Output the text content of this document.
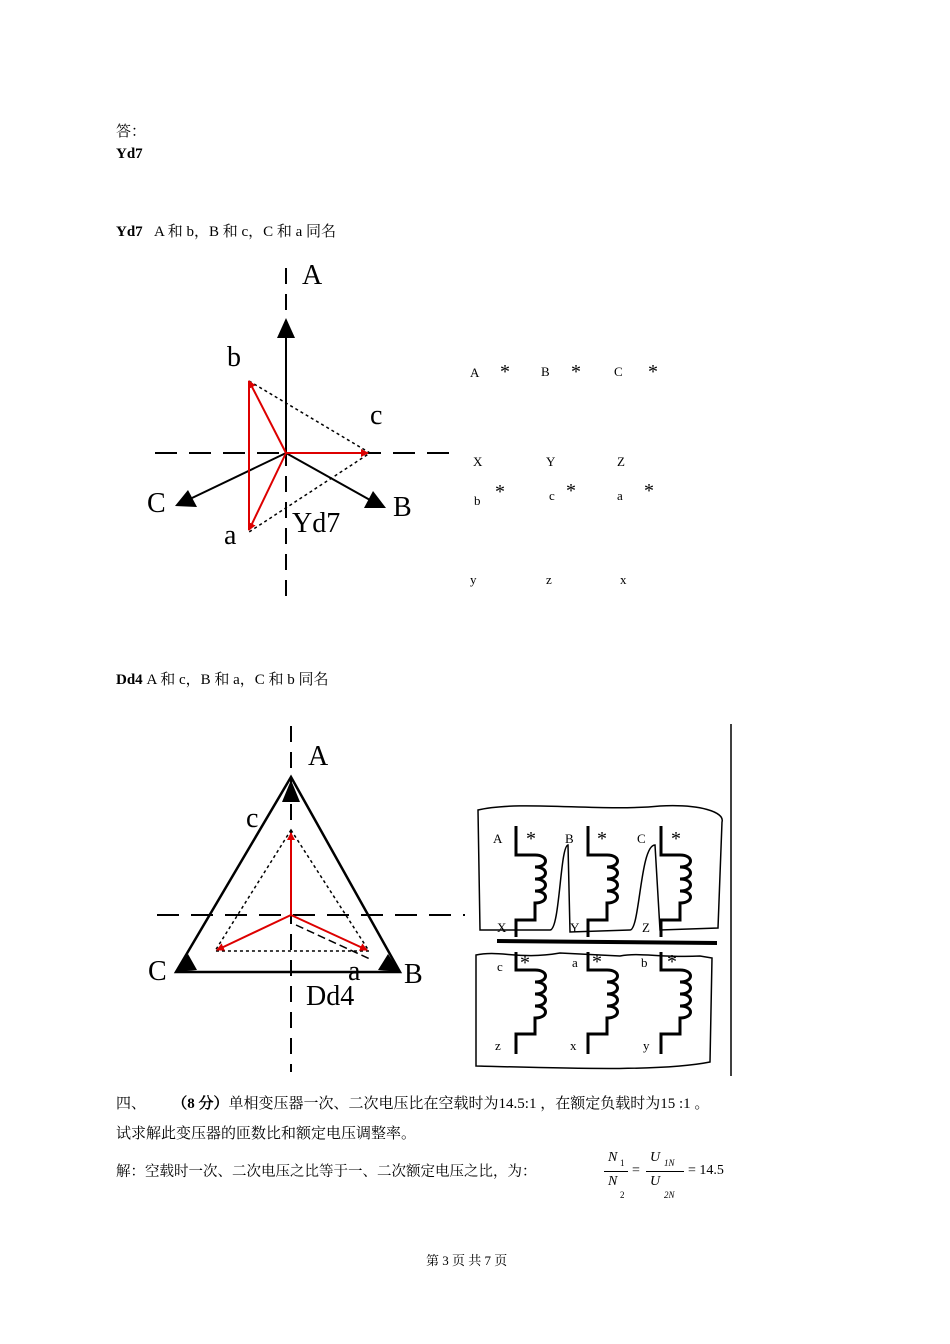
答：
Yd7
Yd7 A 和 b，B 和 c，C 和 a 同名
A
b
c
C	B
a Yd7
A * B *	C *
X	Y	Z
b *	c *	a *
y	z	x
A
c
C	a B
Dd4
A * B * C *
X	Y	Z
c *	a *	b *
z	x	y
Dd4 A 和 c，B 和 a，C 和 b 同名
四、 （8 分）单相变压器一次、二次电压比在空载时为14.5:1 ，在额定负载时为15 :1 。
试求解此变压器的匝数比和额定电压调整率。
解：空载时一次、二次电压之比等于一、二次额定电压之比，为：
N 1
N
2
=
U 1N
U
2N
= 14.5
第 3 页 共 7 页
